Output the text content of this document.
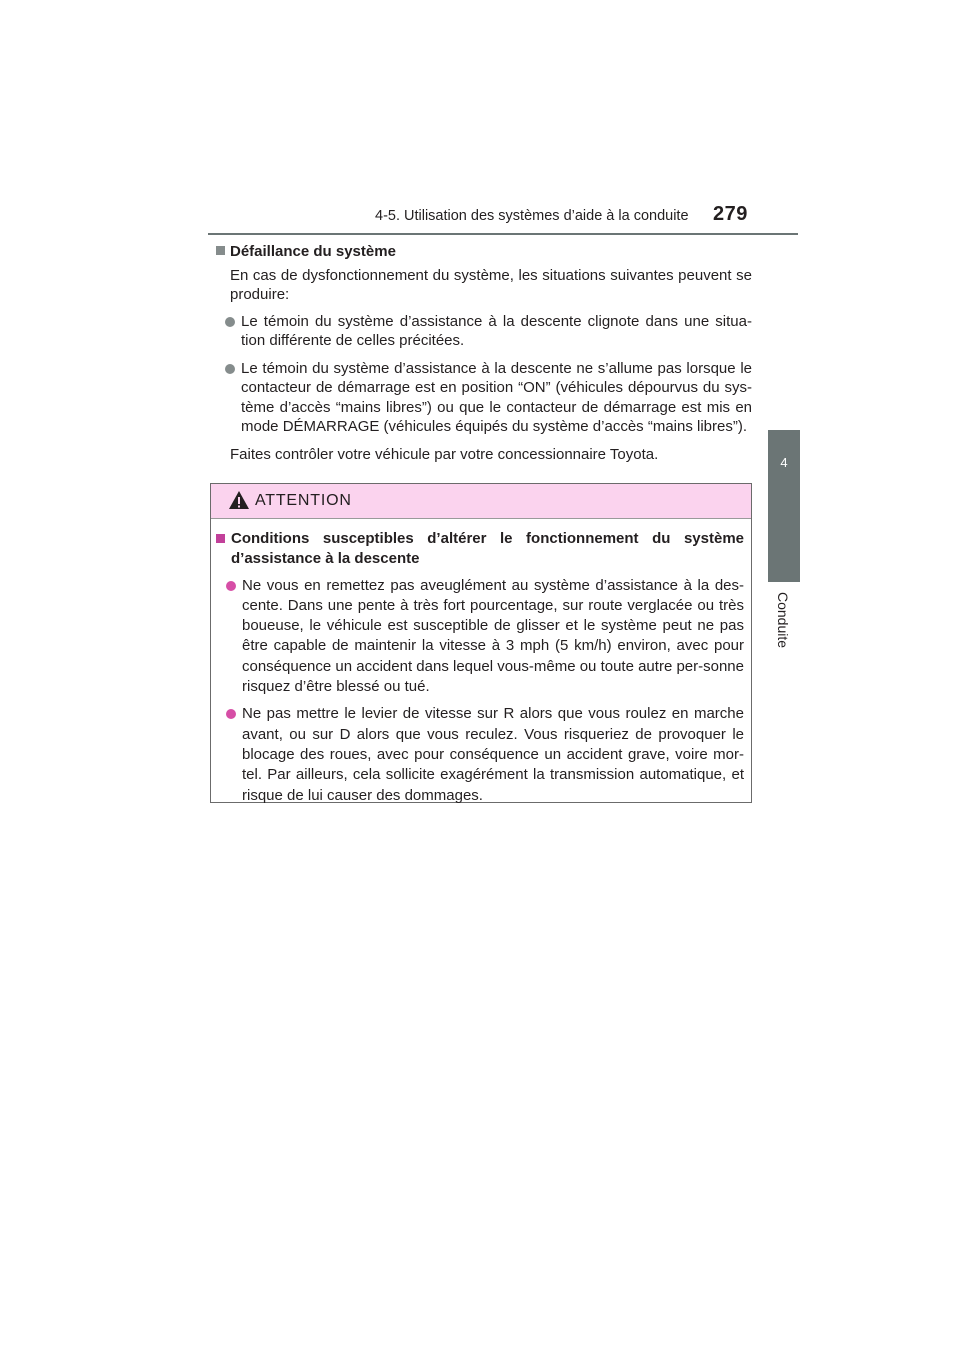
4-5. Utilisation des systèmes d’aide à la conduite 279
4
Conduite
Défaillance du système

En cas de dysfonctionnement du système, les situations suivantes peuvent se produire:

Le témoin du système d’assistance à la descente clignote dans une situa-tion différente de celles précitées.
Le témoin du système d’assistance à la descente ne s’allume pas lorsque le contacteur de démarrage est en position “ON” (véhicules dépourvus du sys-tème d’accès “mains libres”) ou que le contacteur de démarrage est mis en mode DÉMARRAGE (véhicules équipés du système d’accès “mains libres”).

Faites contrôler votre véhicule par votre concessionnaire Toyota.

ATTENTION
Conditions susceptibles d’altérer le fonctionnement du système d’assistance à la descente
Ne vous en remettez pas aveuglément au système d’assistance à la des-cente. Dans une pente à très fort pourcentage, sur route verglacée ou très boueuse, le véhicule est susceptible de glisser et le système peut ne pas être capable de maintenir la vitesse à 3 mph (5 km/h) environ, avec pour conséquence un accident dans lequel vous-même ou toute autre per-sonne risquez d’être blessé ou tué.
Ne pas mettre le levier de vitesse sur R alors que vous roulez en marche avant, ou sur D alors que vous reculez. Vous risqueriez de provoquer le blocage des roues, avec pour conséquence un accident grave, voire mor-tel. Par ailleurs, cela sollicite exagérément la transmission automatique, et risque de lui causer des dommages.
